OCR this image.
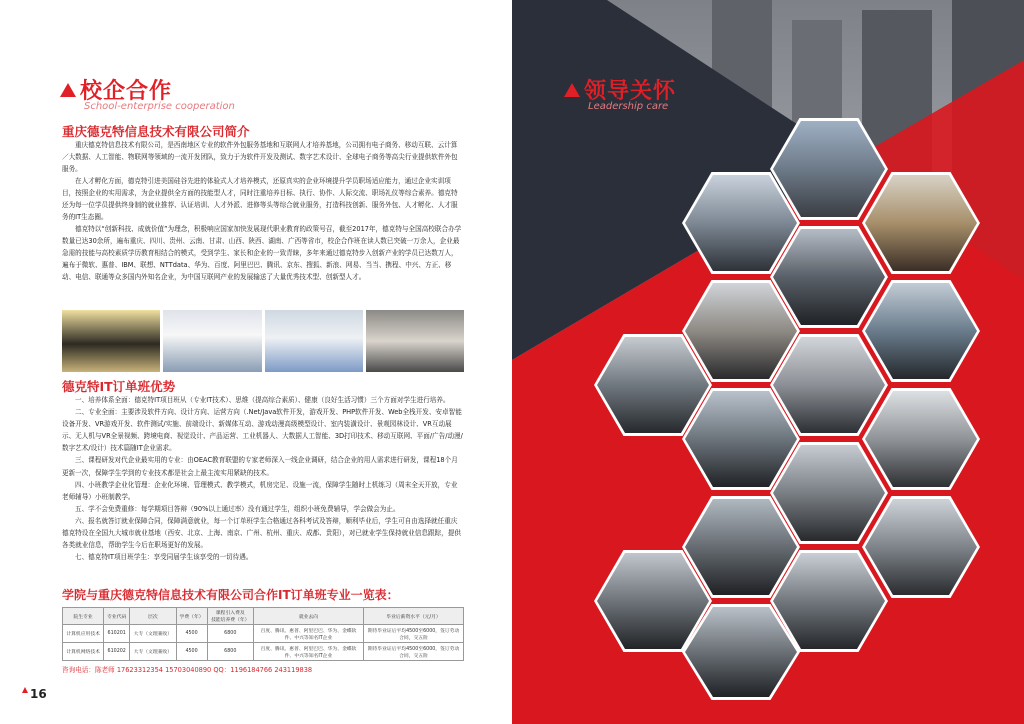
校企合作
School-enterprise cooperation
重庆德克特信息技术有限公司简介

重庆德克特信息技术有限公司，是西南地区专业的软件外包服务基地和互联网人才培养基地，公司拥有电子商务、移动互联、云计算／大数据、人工智能、物联网等领域的一流开发团队，致力于为软件开发及测试、数字艺术设计、全球电子商务等高尖行业提供软件外包服务。

在人才孵化方面，德克特引进美国硅谷先进的体验式人才培养模式，还原真实的企业环境提升学员职场适应能力，通过企业实训项目，按照企业的实用需求，为企业提供全方面的技能型人才，同时注重培养目标、执行、协作、人际交流、职场礼仪等综合素养。德克特还为每一位学员提供终身制的就业推荐、认证培训、人才外派、进修等头等综合就业服务，打造科技创新、服务外包、人才孵化、人才服务的IT生态圈。

德克特以“创新科技、成就价值”为理念，积极响应国家加快发展现代职业教育的政策号召，截至2017年，德克特与全国高校联合办学数量已达30余所，遍布重庆、四川、贵州、云南、甘肃、山西、陕西、湖南、广西等省市，校企合作班在读人数已突破一万余人，企业最急需的技能与高校素质学历教育相结合的模式，受到学生、家长和企业的一致青睐，多年来通过德克特步入创新产业的学员已达数万人，遍布于微软、惠普、IBM、联想、NTTdata、华为、百度、阿里巴巴、腾讯、京东、搜狐、新浪、网易、当当、携程、中兴、方正、移动、电信、联通等众多国内外知名企业，为中国互联网产业的发展输送了大量优秀技术型、创新型人才。

德克特IT订单班优势

一、培养体系全面：德克特IT项目班从（专业IT技术）、思维（提高综合素质）、健康（良好生活习惯）三个方面对学生进行培养。

二、专业全面：主要涉及软件方向、设计方向、运营方向（.Net/Java软件开发，游戏开发、PHP软件开发、Web全栈开发、安卓智能设备开发、VR游戏开发、软件测试/实施、前端设计、新媒体互动、游戏动漫高级模型设计、室内装潢设计、景观园林设计、VR互动展示、无人机与VR全景视频、跨境电商、视觉设计、产品运营、工业机器人、大数据人工智能、3D打印技术、移动互联网、平面/广告/动漫/数字艺术/设计）技术篇随IT企业需求。

三、课程研发对代企业最实用的专业：由OEAC教育联盟的专家老师深入一线企业调研，结合企业的用人需求进行研发，课程18个月更新一次，保障学生学到的专业技术都是社会上最主流实用紧缺的技术。

四、小班教学企业化管理：企业化环境、管理模式、教学模式，机房完足、设施一流，保障学生随时上机练习（周末全天开放，专业老师辅导）小班制教学。

五、学不会免费重修：每学期项目答辩（90%以上通过率）没有通过学生，组织小班免费辅导，学会做会为止。

六、报名就答订就业保障合同，保障满意就业，每一个订单班学生合格通过各科考试及答辩，顺利毕业后，学生可自由选择就任重庆德克特设在全国九大城市就业基地（西安、北京、上海、南京、广州、杭州、重庆、成都、贵阳），对已就业学生保持就业信息跟踪，提供各类就业信息，帮助学生今后在职场更好的发展。

七、德克特IT项目班学生：享受同届学生该享受的一切待遇。

学院与重庆德克特信息技术有限公司合作IT订单班专业一览表：
院生专业	专业代码	层次	学费（年）	课程引入费及
技能培养费（年）	就业去向	毕业后薪资水平（元/月）
计算机应用技术	610201	大专（文理兼收）	4500	6800	百度、腾讯、惠普、阿里巴巴、华为、金蝶软件、中兴等知名IT企业	期待毕业证后平均4500至6000，签订劳动合同，交五险
计算机网络技术	610202	大专（文理兼收）	4500	6800	百度、腾讯、惠普、阿里巴巴、华为、金蝶软件、中兴等知名IT企业	期待毕业证后平均4500至6000，签订劳动合同，交五险
咨询电话：陈老师 17623312354 15703040890 QQ：1196184766 243119838
16
领导关怀
Leadership care
